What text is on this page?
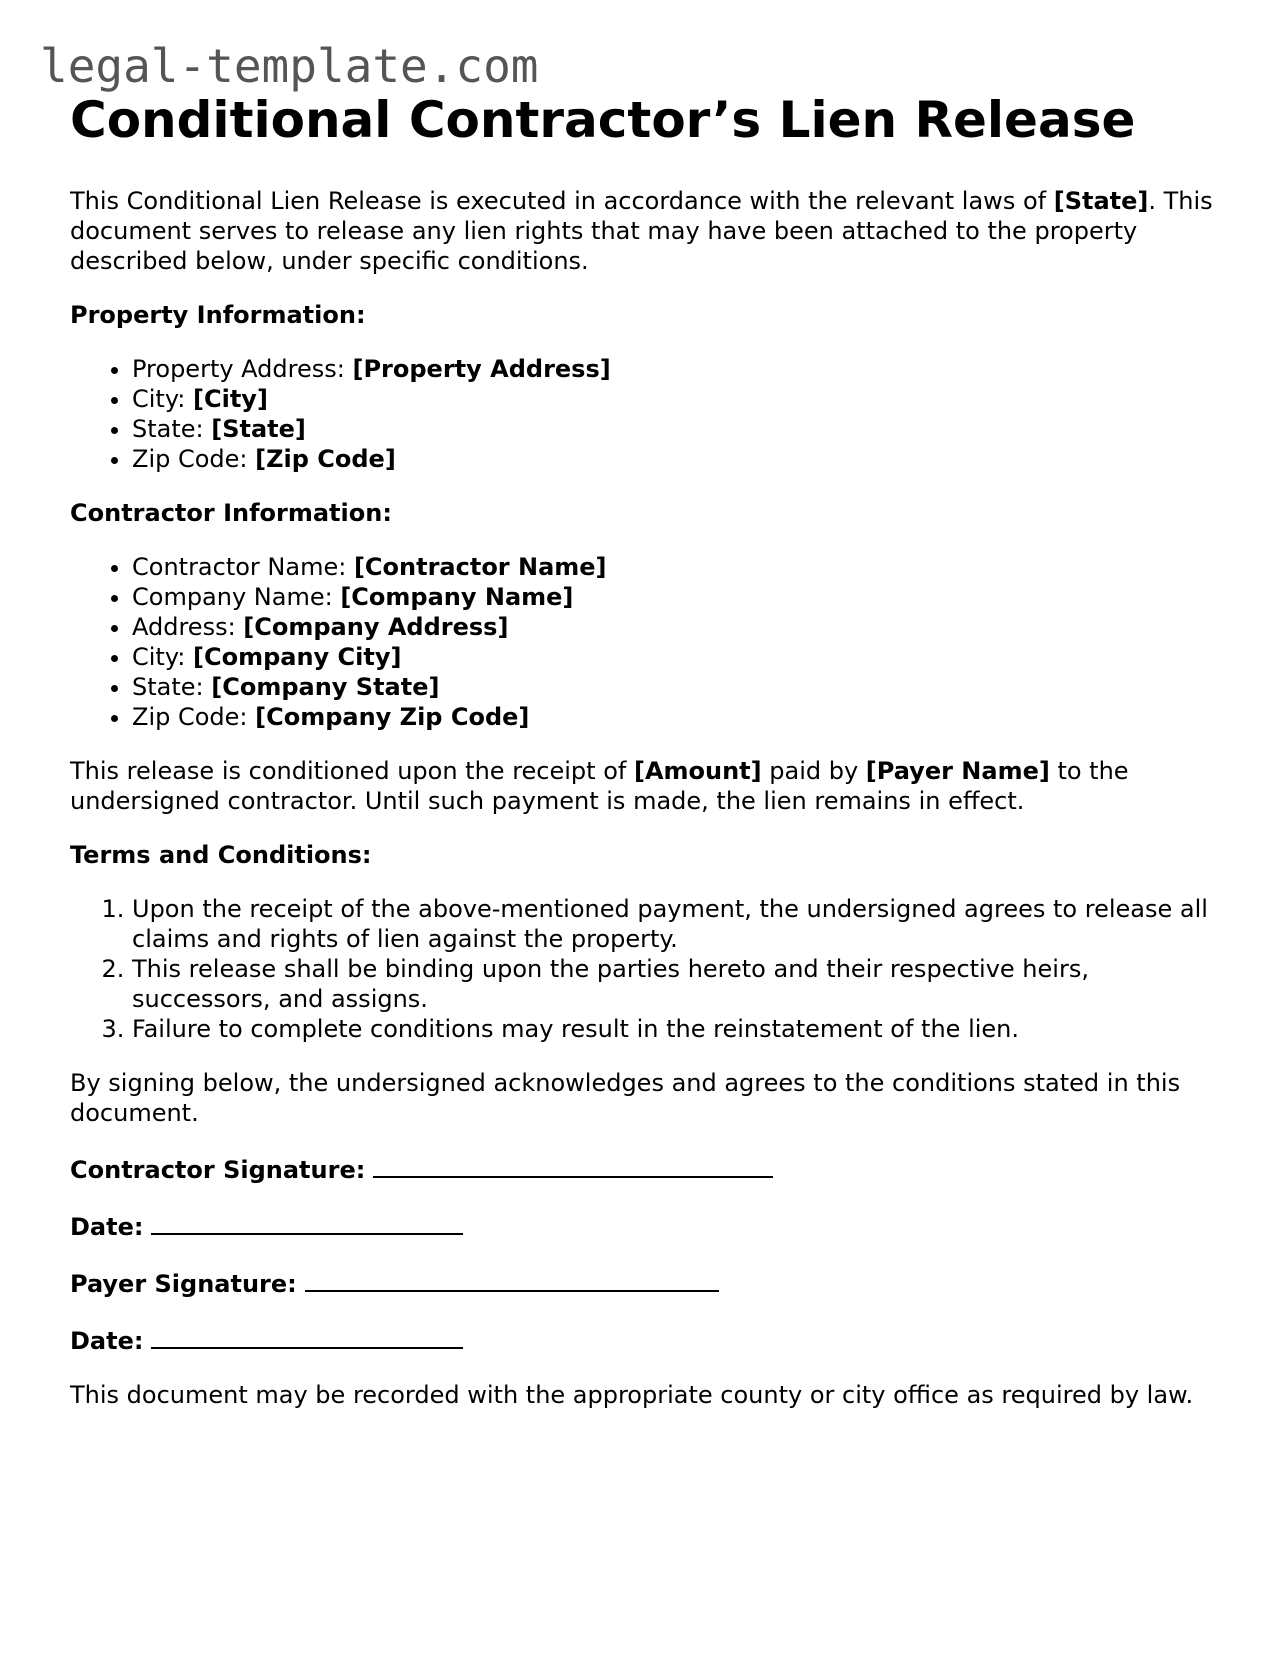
legal-template.com
Conditional Contractor’s Lien Release

This Conditional Lien Release is executed in accordance with the relevant laws of [State]. This document serves to release any lien rights that may have been attached to the property described below, under specific conditions.

Property Information:

• Property Address: [Property Address]
• City: [City]
• State: [State]
• Zip Code: [Zip Code]

Contractor Information:

• Contractor Name: [Contractor Name]
• Company Name: [Company Name]
• Address: [Company Address]
• City: [Company City]
• State: [Company State]
• Zip Code: [Company Zip Code]

This release is conditioned upon the receipt of [Amount] paid by [Payer Name] to the undersigned contractor. Until such payment is made, the lien remains in effect.

Terms and Conditions:

1. Upon the receipt of the above-mentioned payment, the undersigned agrees to release all claims and rights of lien against the property.
2. This release shall be binding upon the parties hereto and their respective heirs, successors, and assigns.
3. Failure to complete conditions may result in the reinstatement of the lien.

By signing below, the undersigned acknowledges and agrees to the conditions stated in this document.

Contractor Signature:

Date:

Payer Signature:

Date:

This document may be recorded with the appropriate county or city office as required by law.
